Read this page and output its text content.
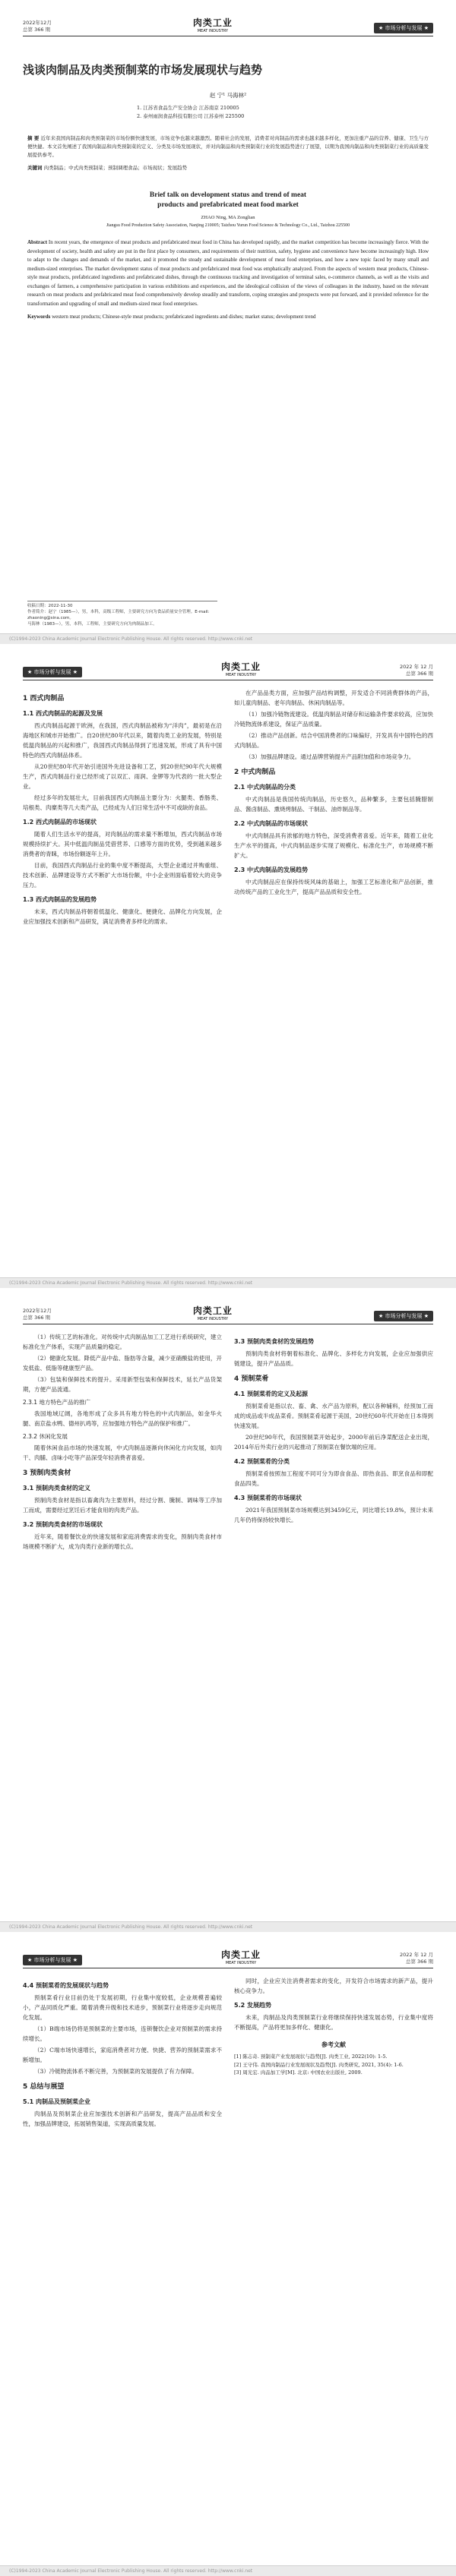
2022年12月
总第 366 期
肉类工业
MEAT INDUSTRY	★ 市场分析与发展 ★
浅谈肉制品及肉类预制菜的市场发展现状与趋势
赵 宁¹ 马海林²
1. 江苏省食品生产安全协会 江苏南京 210005
2. 泰州雨润食品科技有限公司 江苏泰州 225500
摘 要 近年来我国肉制品和肉类预制菜的市场份额快速发展，市场竞争也越来越激烈。随着社会的发展，消费者对肉制品的需求也越来越多样化，更加注重产品的营养、健康、卫生与方便快捷。本文首先阐述了我国肉制品和肉类预制菜的定义、分类及市场发展现状，并对肉制品和肉类预制菜行业的发展趋势进行了展望，以期为我国肉制品和肉类预制菜行业的高质量发展提供参考。
关键词 肉类制品；中式肉类预制菜；预制调理食品；市场现状；发展趋势
Brief talk on development status and trend of meat
products and prefabricated meat food market
ZHAO Ning, MA Zonglian
Jiangsu Food Production Safety Association, Nanjing 210005; Taizhou Yurun Food Science & Technology Co., Ltd., Taizhou 225500
Abstract In recent years, the emergence of meat products and prefabricated meat food in China has developed rapidly, and the market competition has become increasingly fierce. With the development of society, health and safety are put in the first place by consumers, and requirements of their nutrition, safety, hygiene and convenience have become increasingly high. How to adapt to the changes and demands of the market, and it promoted the steady and sustainable development of meat food enterprises, and how a new topic faced by many small and medium-sized enterprises. The market development status of meat products and prefabricated meat food was emphatically analyzed. From the aspects of western meat products, Chinese-style meat products, prefabricated ingredients and prefabricated dishes, through the continuous tracking and investigation of terminal sales, e-commerce channels, as well as the visits and exchanges of farmers, a comprehensive participation in various exhibitions and experiences, and the ideological collision of the views of colleagues in the industry, based on the relevant research on meat products and prefabricated meat food comprehensively develop steadily and transform, coping strategies and prospects were put forward, and it provided reference for the transformation and upgrading of small and medium-sized meat food enterprises.
Keywords western meat products; Chinese-style meat products; prefabricated ingredients and dishes; market status; development trend
收稿日期：2022-11-30
作者简介：赵宁（1985—），男，本科，高级工程师，主要研究方向为食品质量安全管理。E-mail: zhaoning@sina.com。
马海林（1983—），男，本科，工程师，主要研究方向为肉制品加工。
(C)1994-2023 China Academic Journal Electronic Publishing House. All rights reserved. http://www.cnki.net
★ 市场分析与发展 ★	肉类工业
MEAT INDUSTRY
2022 年 12 月
总第 366 期
1 西式肉制品
1.1 西式肉制品的起源及发展

西式肉制品起源于欧洲，在我国，西式肉制品被称为“洋肉”，最初是在沿海地区和城市开始推广。自20世纪80年代以来，随着肉类工业的发展，特别是低温肉制品的兴起和推广，我国西式肉制品得到了迅速发展，形成了具有中国特色的西式肉制品体系。

从20世纪80年代开始引进国外先进设备和工艺，到20世纪90年代大规模生产，西式肉制品行业已经形成了以双汇、雨润、金锣等为代表的一批大型企业。

经过多年的发展壮大，目前我国西式肉制品主要分为：火腿类、香肠类、培根类、肉糜类等几大类产品，已经成为人们日常生活中不可或缺的食品。

1.2 西式肉制品的市场现状

随着人们生活水平的提高，对肉制品的需求量不断增加，西式肉制品市场规模持续扩大。其中低温肉制品凭借营养、口感等方面的优势，受到越来越多消费者的青睐，市场份额逐年上升。

目前，我国西式肉制品行业的集中度不断提高，大型企业通过并购重组、技术创新、品牌建设等方式不断扩大市场份额，中小企业则面临着较大的竞争压力。

1.3 西式肉制品的发展趋势

未来，西式肉制品将朝着低温化、健康化、便捷化、品牌化方向发展，企业应加强技术创新和产品研发，满足消费者多样化的需求。

在产品品类方面，应加强产品结构调整，开发适合不同消费群体的产品，如儿童肉制品、老年肉制品、休闲肉制品等。

（1）加强冷链物流建设。低温肉制品对储存和运输条件要求较高，应加快冷链物流体系建设，保证产品质量。

（2）推动产品创新。结合中国消费者的口味偏好，开发具有中国特色的西式肉制品。

（3）加强品牌建设。通过品牌营销提升产品附加值和市场竞争力。

2 中式肉制品
2.1 中式肉制品的分类

中式肉制品是我国传统肉制品，历史悠久，品种繁多，主要包括腌腊制品、酱卤制品、熏烧烤制品、干制品、油炸制品等。

2.2 中式肉制品的市场现状

中式肉制品具有浓郁的地方特色，深受消费者喜爱。近年来，随着工业化生产水平的提高，中式肉制品逐步实现了规模化、标准化生产，市场规模不断扩大。

2.3 中式肉制品的发展趋势

中式肉制品应在保持传统风味的基础上，加强工艺标准化和产品创新，推动传统产品的工业化生产，提高产品品质和安全性。

(C)1994-2023 China Academic Journal Electronic Publishing House. All rights reserved. http://www.cnki.net
2022年12月
总第 366 期
肉类工业
MEAT INDUSTRY	★ 市场分析与发展 ★

（1）传统工艺的标准化。对传统中式肉制品加工工艺进行系统研究，建立标准化生产体系，实现产品质量的稳定。

（2）健康化发展。降低产品中盐、脂肪等含量，减少亚硝酸盐的使用，开发低盐、低脂等健康型产品。

（3）包装和保鲜技术的提升。采用新型包装和保鲜技术，延长产品货架期，方便产品流通。

2.3.1 地方特色产品的推广

我国地域辽阔，各地形成了众多具有地方特色的中式肉制品，如金华火腿、南京盐水鸭、德州扒鸡等，应加强地方特色产品的保护和推广。

2.3.2 休闲化发展

随着休闲食品市场的快速发展，中式肉制品逐渐向休闲化方向发展，如肉干、肉脯、卤味小吃等产品深受年轻消费者喜爱。

3 预制肉类食材
3.1 预制肉类食材的定义

预制肉类食材是指以畜禽肉为主要原料，经过分割、腌制、调味等工序加工而成，需要经过烹饪后才能食用的肉类产品。

3.2 预制肉类食材的市场现状

近年来，随着餐饮业的快速发展和家庭消费需求的变化，预制肉类食材市场规模不断扩大，成为肉类行业新的增长点。

3.3 预制肉类食材的发展趋势

预制肉类食材将朝着标准化、品牌化、多样化方向发展，企业应加强供应链建设，提升产品品质。

4 预制菜肴
4.1 预制菜肴的定义及起源

预制菜肴是指以农、畜、禽、水产品为原料，配以各种辅料，经预加工而成的成品或半成品菜肴。预制菜肴起源于美国，20世纪60年代开始在日本得到快速发展。

20世纪90年代，我国预制菜开始起步，2000年前后净菜配送企业出现，2014年后外卖行业的兴起推动了预制菜在餐饮端的应用。

4.2 预制菜肴的分类

预制菜肴按照加工程度不同可分为即食食品、即热食品、即烹食品和即配食品四类。

4.3 预制菜肴的市场现状

2021年我国预制菜市场规模达到3459亿元，同比增长19.8%，预计未来几年仍将保持较快增长。

(C)1994-2023 China Academic Journal Electronic Publishing House. All rights reserved. http://www.cnki.net
★ 市场分析与发展 ★	肉类工业
MEAT INDUSTRY
2022 年 12 月
总第 366 期
4.4 预制菜肴的发展现状与趋势

预制菜肴行业目前仍处于发展初期，行业集中度较低，企业规模普遍较小，产品同质化严重。随着消费升级和技术进步，预制菜行业将逐步走向规范化发展。

（1）B端市场仍将是预制菜的主要市场，连锁餐饮企业对预制菜的需求持续增长。

（2）C端市场快速增长，家庭消费者对方便、快捷、营养的预制菜需求不断增加。

（3）冷链物流体系不断完善，为预制菜的发展提供了有力保障。

5 总结与展望
5.1 肉制品及预制菜企业

肉制品及预制菜企业应加强技术创新和产品研发，提高产品品质和安全性，加强品牌建设，拓展销售渠道，实现高质量发展。

同时，企业应关注消费者需求的变化，开发符合市场需求的新产品，提升核心竞争力。

5.2 发展趋势

未来，肉制品及肉类预制菜行业将继续保持快速发展态势，行业集中度将不断提高，产品将更加多样化、健康化。

参考文献
[1] 陈志奇. 预制菜产业发展现状与趋势[J]. 肉类工业, 2022(10): 1-5.
[2] 王守伟. 我国肉制品行业发展现状及趋势[J]. 肉类研究, 2021, 35(4): 1-6.
[3] 周光宏. 肉品加工学[M]. 北京: 中国农业出版社, 2009.
(C)1994-2023 China Academic Journal Electronic Publishing House. All rights reserved. http://www.cnki.net
